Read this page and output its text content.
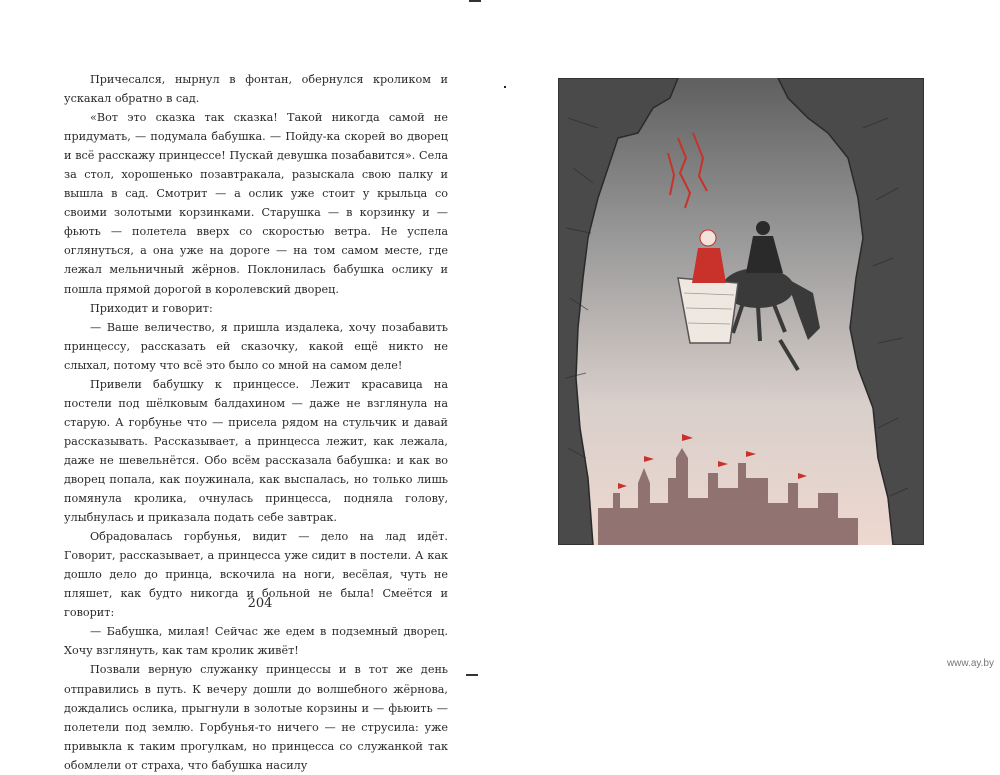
Причесался, нырнул в фонтан, обернулся кроликом и ускакал обратно в сад.

«Вот это сказка так сказка! Такой никогда самой не придумать, — подумала бабушка. — Пойду-ка скорей во дворец и всё расскажу принцессе! Пускай девушка позабавится». Села за стол, хорошенько позавтракала, разыскала свою палку и вышла в сад. Смотрит — а ослик уже стоит у крыльца со своими золотыми корзинками. Старушка — в корзинку и — фьють — полетела вверх со скоростью ветра. Не успела оглянуться, а она уже на дороге — на том самом месте, где лежал мельничный жёрнов. Поклонилась бабушка ослику и пошла прямой дорогой в королевский дворец.

Приходит и говорит:

— Ваше величество, я пришла издалека, хочу позабавить принцессу, рассказать ей сказочку, какой ещё никто не слыхал, потому что всё это было со мной на самом деле!

Привели бабушку к принцессе. Лежит красавица на постели под шёлковым балдахином — даже не взглянула на старую. А горбунье что — присела рядом на стульчик и давай рассказывать. Рассказывает, а принцесса лежит, как лежала, даже не шевельнётся. Обо всём рассказала бабушка: и как во дворец попала, как поужинала, как выспалась, но только лишь помянула кролика, очнулась принцесса, подняла голову, улыбнулась и приказала подать себе завтрак.

Обрадовалась горбунья, видит — дело на лад идёт. Говорит, рассказывает, а принцесса уже сидит в постели. А как дошло дело до принца, вскочила на ноги, весёлая, чуть не пляшет, как будто никогда и больной не была! Смеётся и говорит:

— Бабушка, милая! Сейчас же едем в подземный дворец. Хочу взглянуть, как там кролик живёт!

Позвали верную служанку принцессы и в тот же день отправились в путь. К вечеру дошли до волшебного жёрнова, дождались ослика, прыгнули в золотые корзины и — фьюить — полетели под землю. Горбунья-то ничего — не струсила: уже привыкла к таким прогулкам, но принцесса со служанкой так обомлели от страха, что бабушка насилу

204
www.ay.by
